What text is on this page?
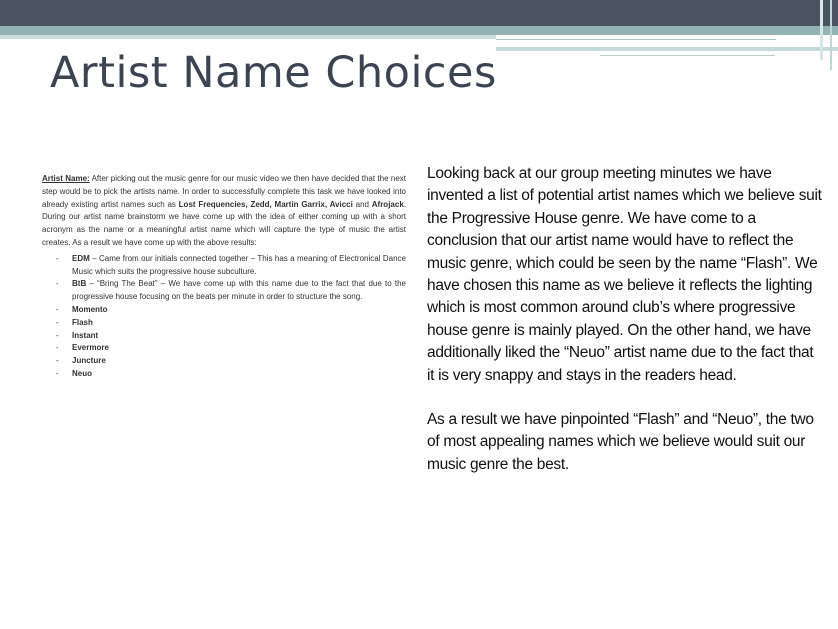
Artist Name Choices
Artist Name: After picking out the music genre for our music video we then have decided that the next step would be to pick the artists name. In order to successfully complete this task we have looked into already existing artist names such as Lost Frequencies, Zedd, Martin Garrix, Avicci and Afrojack. During our artist name brainstorm we have come up with the idea of either coming up with a short acronym as the name or a meaningful artist name which will capture the type of music the artist creates. As a result we have come up with the above results:
- EDM – Came from our initials connected together – This has a meaning of Electronical Dance Music which suits the progressive house subculture.
- BtB – “Bring The Beat” – We have come up with this name due to the fact that due to the progressive house focusing on the beats per minute in order to structure the song.
- Momento
- Flash
- Instant
- Evermore
- Juncture
- Neuo

Looking back at our group meeting minutes we have invented a list of potential artist names which we believe suit the Progressive House genre. We have come to a conclusion that our artist name would have to reflect the music genre, which could be seen by the name “Flash”. We have chosen this name as we believe it reflects the lighting which is most common around club’s where progressive house genre is mainly played. On the other hand, we have additionally liked the “Neuo” artist name due to the fact that it is very snappy and stays in the readers head.

As a result we have pinpointed “Flash” and “Neuo”, the two of most appealing names which we believe would suit our music genre the best.
